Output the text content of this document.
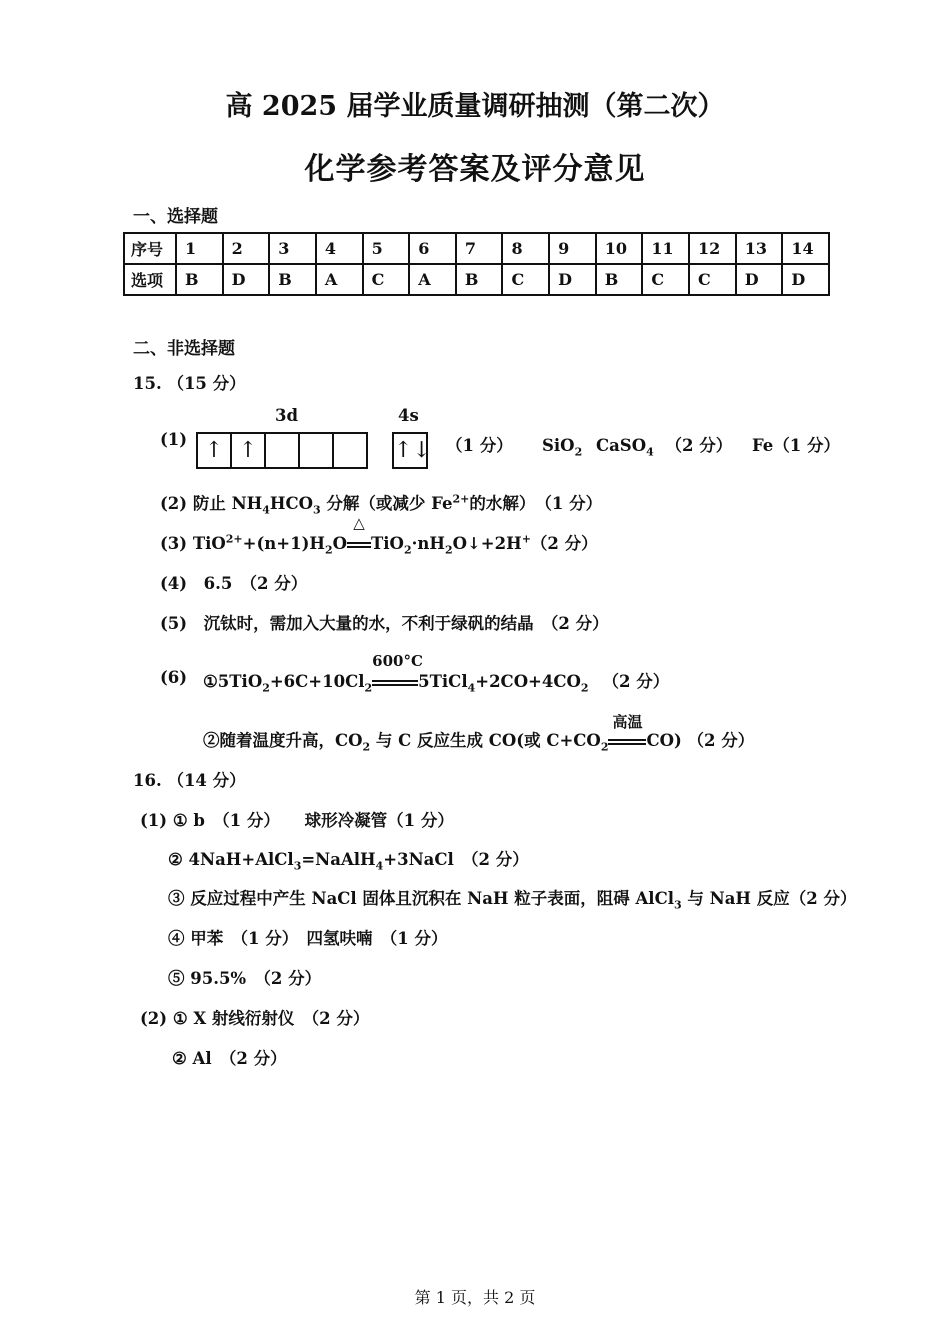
高 2025 届学业质量调研抽测（第二次）
化学参考答案及评分意见
一、选择题
序号	1	2	3	4	5	6	7	8	9	10	11	12	13	14
选项	B	D	B	A	C	A	B	C	D	B	C	C	D	D
二、非选择题
15. （15 分）
(1)
3d	4s
↑ ↑	↑↓ （1 分） SiO$_2$ CaSO$_4$ （2 分） Fe（1 分）
(2) 防止 $NH_4HCO_3$ 分解（或减少 $Fe^{2+}$的水解）　（1 分）
(3) $TiO^{2+}+(n+1)H_2O$
△
$TiO_2\cdot nH_2O↓+2H^+(2$ 分）
(4)　6.5　（2 分）
(5)　沉钛时，需加入大量的水，不利于绿矾的结晶　（2 分）
(6) $①5TiO_2+6C+10Cl_2$
600°C
$5TiCl_4+2CO+4CO_2$ （2 分）
②随着温度升高，$CO_2$ 与 C 反应生成 CO(或 $C+CO_2$
高温
CO) （2 分）
16. （14 分）
(1) ① b　（1 分）　　球形冷凝管（1 分）
② 4NaH+AlCl$_3$=NaAlH$_4$+3NaCl　（2 分）
③ 反应过程中产生 NaCl 固体且沉积在 NaH 粒子表面，阻碍 AlCl$_3$ 与 NaH 反应（2 分）
④ 甲苯　（1 分）　四氢呋喃　（1 分）
⑤ 95.5%　（2 分）
(2) ① X 射线衍射仪　（2 分）
② Al　（2 分）
第 1 页，共 2 页
